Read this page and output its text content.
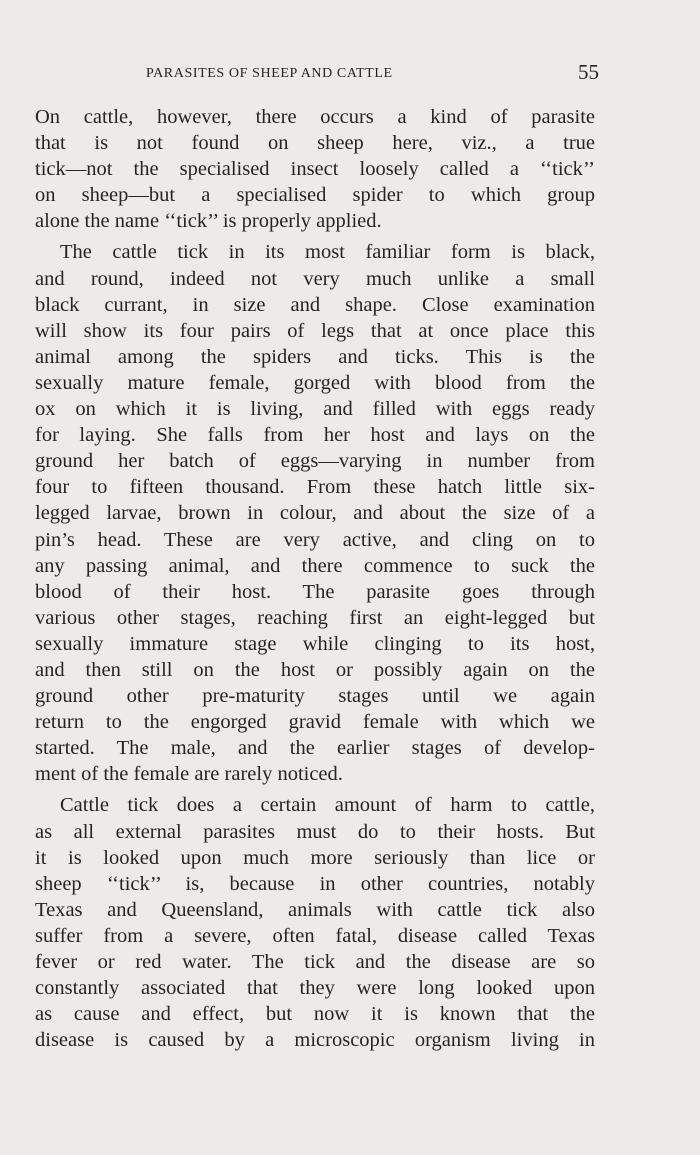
PARASITES OF SHEEP AND CATTLE	55
On cattle, however, there occurs a kind of parasite
that is not found on sheep here, viz., a true
tick—not the specialised insect loosely called a ‘‘tick’’
on sheep—but a specialised spider to which group
alone the name ‘‘tick’’ is properly applied.
The cattle tick in its most familiar form is black,
and round, indeed not very much unlike a small
black currant, in size and shape. Close examination
will show its four pairs of legs that at once place this
animal among the spiders and ticks. This is the
sexually mature female, gorged with blood from the
ox on which it is living, and filled with eggs ready
for laying. She falls from her host and lays on the
ground her batch of eggs—varying in number from
four to fifteen thousand. From these hatch little six-
legged larvae, brown in colour, and about the size of a
pin’s head. These are very active, and cling on to
any passing animal, and there commence to suck the
blood of their host. The parasite goes through
various other stages, reaching first an eight-legged but
sexually immature stage while clinging to its host,
and then still on the host or possibly again on the
ground other pre-maturity stages until we again
return to the engorged gravid female with which we
started. The male, and the earlier stages of develop-
ment of the female are rarely noticed.
Cattle tick does a certain amount of harm to cattle,
as all external parasites must do to their hosts. But
it is looked upon much more seriously than lice or
sheep ‘‘tick’’ is, because in other countries, notably
Texas and Queensland, animals with cattle tick also
suffer from a severe, often fatal, disease called Texas
fever or red water. The tick and the disease are so
constantly associated that they were long looked upon
as cause and effect, but now it is known that the
disease is caused by a microscopic organism living in
